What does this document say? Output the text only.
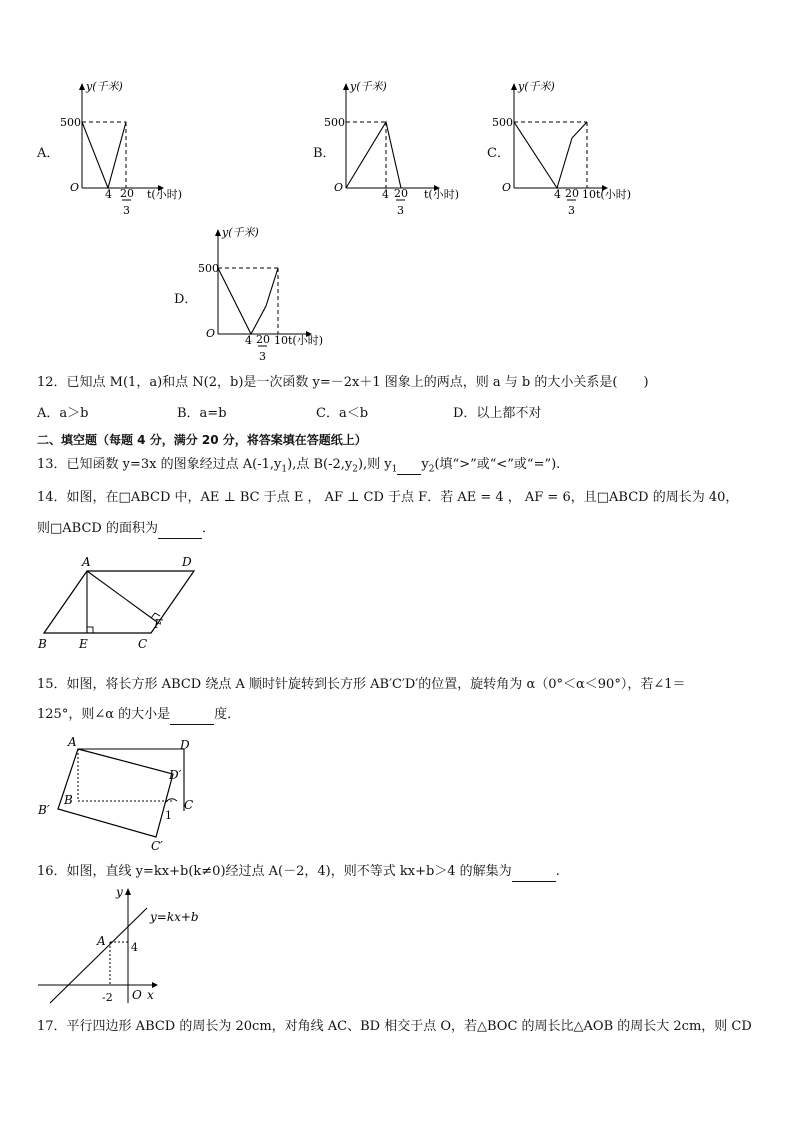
A．
y(千米)
500
O
4 20
3
t(小时)
B．
y(千米)
500
O
4 20
3
t(小时)
C．
y(千米)
500
O
4 20
3
10 t(小时)
D．
y(千米)
500
O
4 20
3
10 t(小时)
12．已知点 M(1，a)和点 N(2，b)是一次函数 y=－2x＋1 图象上的两点，则 a 与 b 的大小关系是(　　)
A．a＞b	B．a=b	C．a＜b	D．以上都不对
二、填空题（每题 4 分，满分 20 分，将答案填在答题纸上）
13．已知函数 y=3x 的图象经过点 $A(-1,y_1)$,点 $B(-2,y_2)$,则 $y_1$ $y_2$(填“>”或“<”或“=”).
14．如图，在□ABCD 中，AE ⊥ BC 于点 E ， AF ⊥ CD 于点 F．若 AE = 4 ， AF = 6，且□ABCD 的周长为 40，
则□ABCD 的面积为	．
A	D
B	E	C
F
15．如图，将长方形 ABCD 绕点 A 顺时针旋转到长方形 AB′C′D′的位置，旋转角为 α（0°＜α＜90°），若∠1＝
125°，则∠α 的大小是	度．
A	D
D′
B
B′	C
1
C′
16．如图，直线 y=kx+b(k≠0)经过点 A(－2，4)，则不等式 kx+b＞4 的解集为	.
y
y=kx+b
A 4
-2 O x
17．平行四边形 ABCD 的周长为 20cm，对角线 AC、BD 相交于点 O，若△BOC 的周长比△AOB 的周长大 2cm，则 CD
